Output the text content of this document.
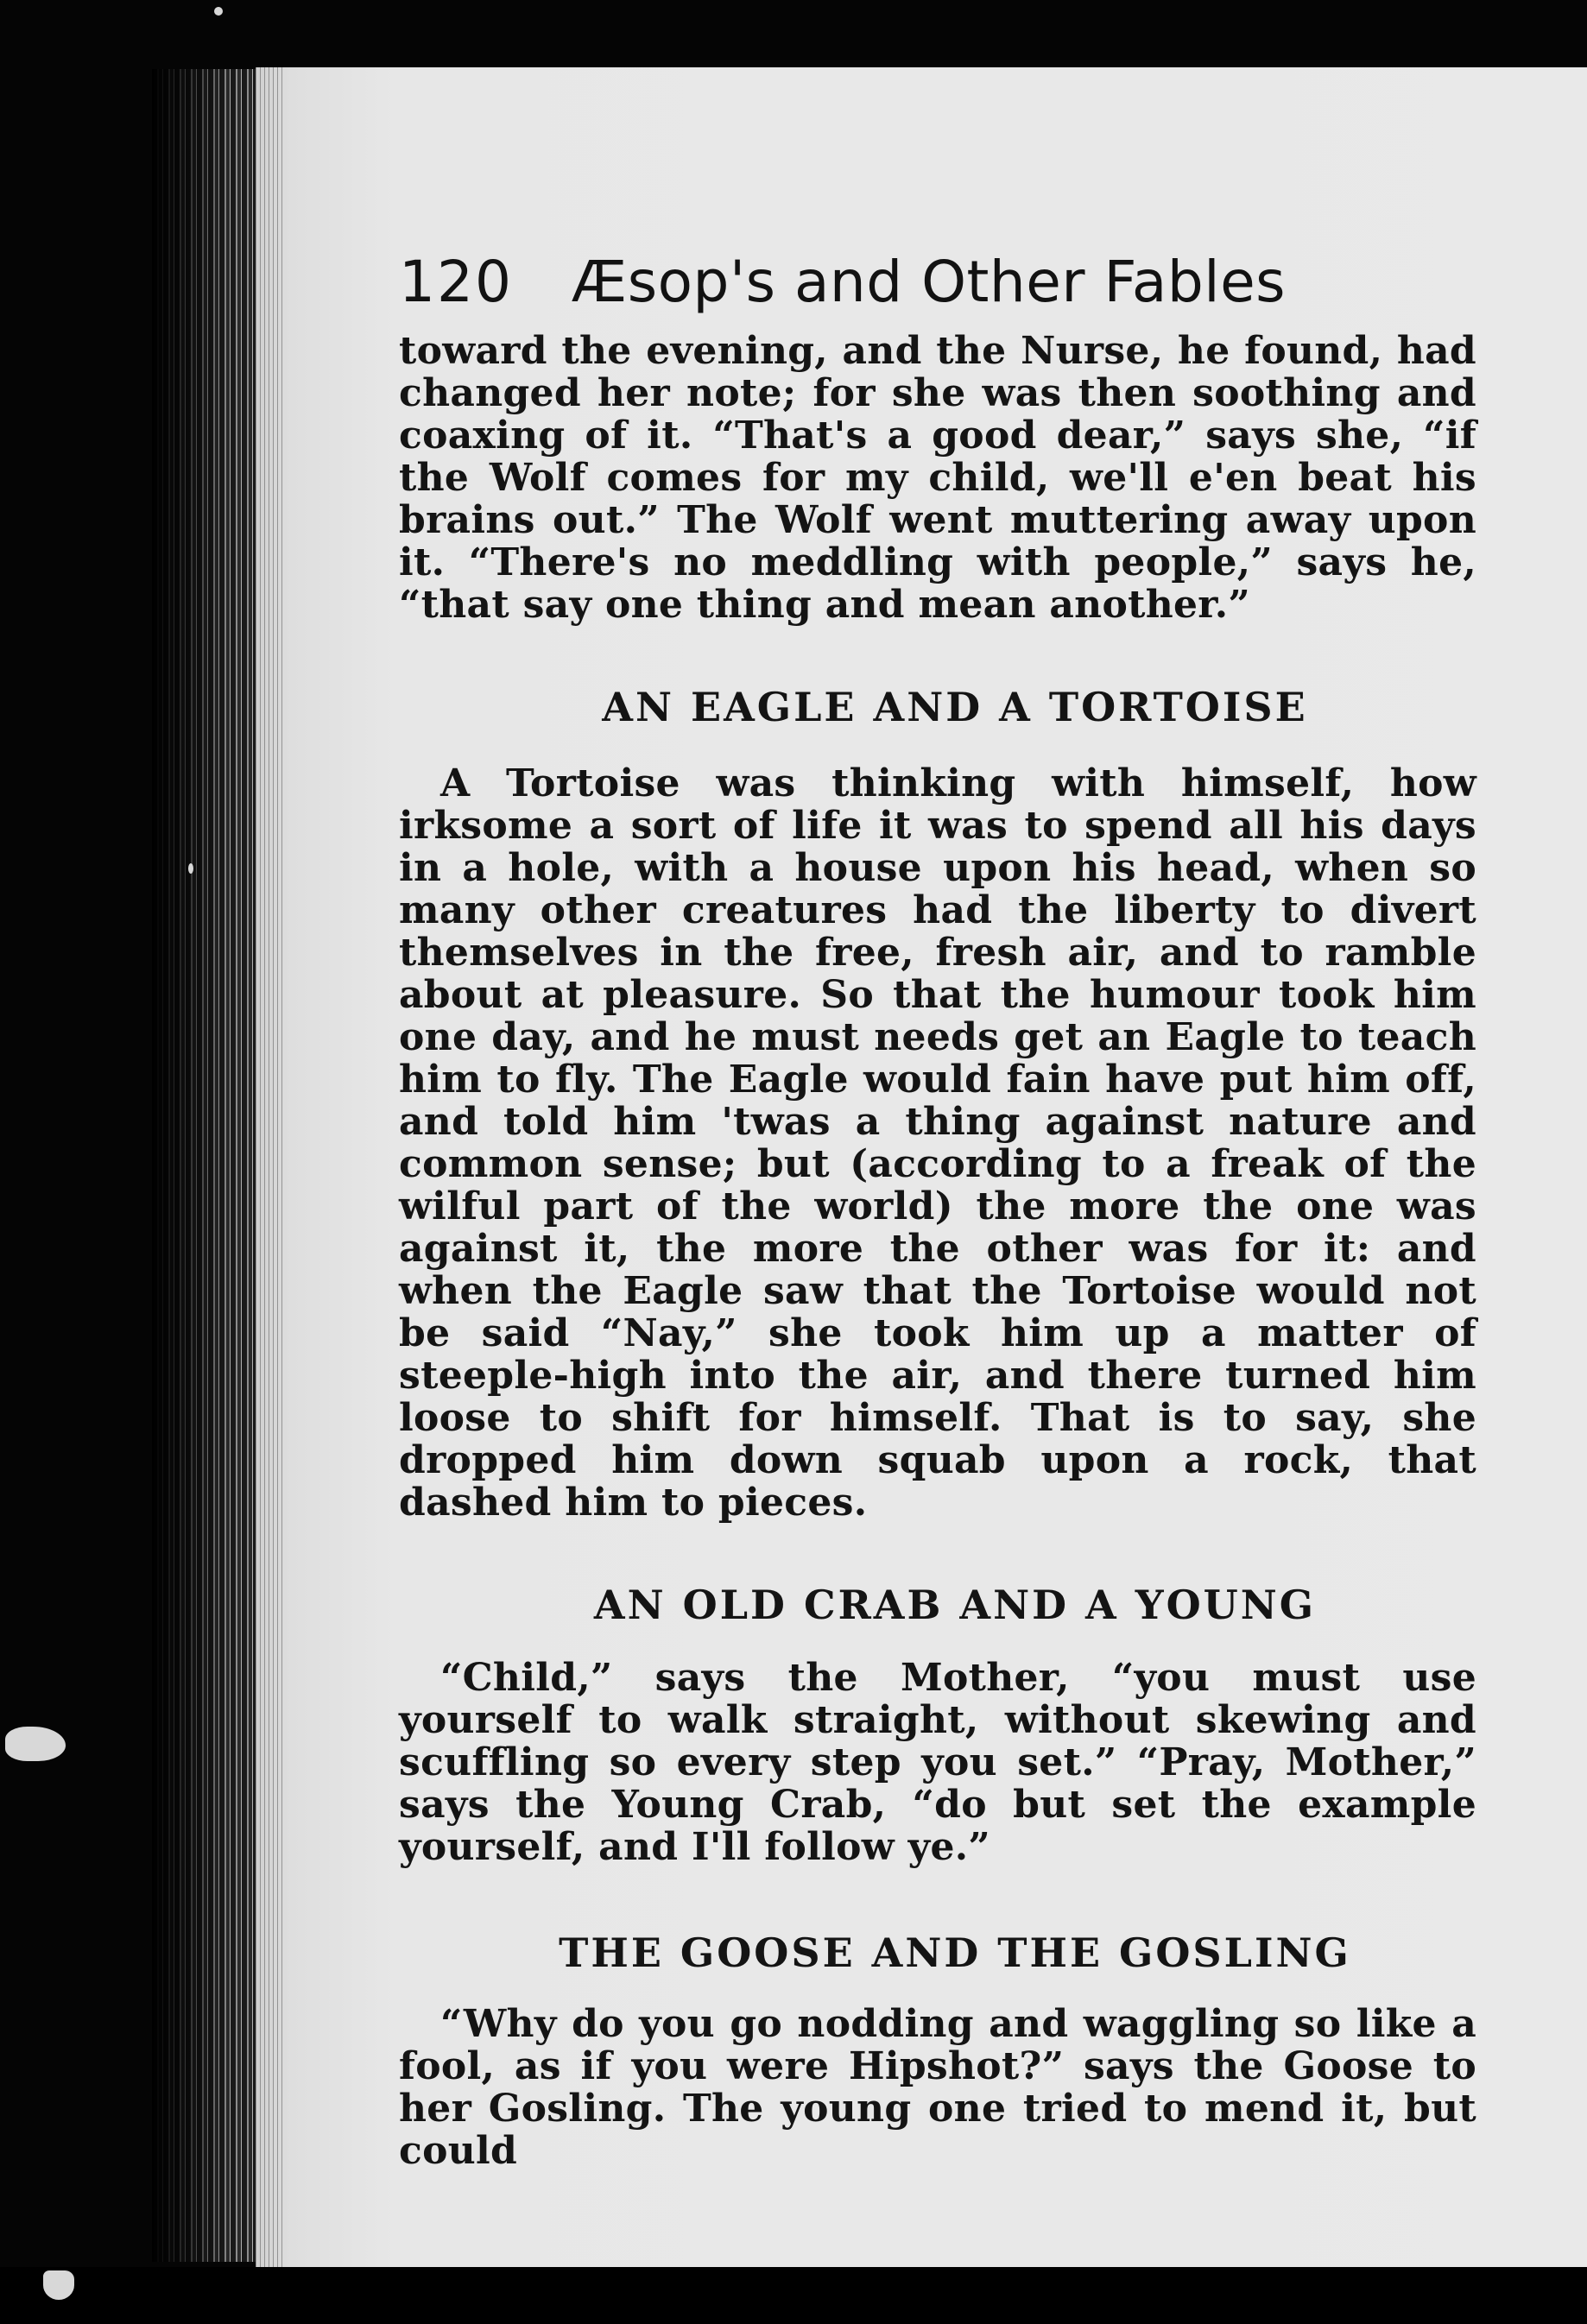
120 Æsop's and Other Fables

toward the evening, and the Nurse, he found, had changed her note; for she was then soothing and coaxing of it. “That's a good dear,” says she, “if the Wolf comes for my child, we'll e'en beat his brains out.” The Wolf went muttering away upon it. “There's no meddling with people,” says he, “that say one thing and mean another.”

AN EAGLE AND A TORTOISE

A Tortoise was thinking with himself, how irksome a sort of life it was to spend all his days in a hole, with a house upon his head, when so many other creatures had the liberty to divert themselves in the free, fresh air, and to ramble about at pleasure. So that the humour took him one day, and he must needs get an Eagle to teach him to fly. The Eagle would fain have put him off, and told him 'twas a thing against nature and common sense; but (according to a freak of the wilful part of the world) the more the one was against it, the more the other was for it: and when the Eagle saw that the Tortoise would not be said “Nay,” she took him up a matter of steeple-high into the air, and there turned him loose to shift for himself. That is to say, she dropped him down squab upon a rock, that dashed him to pieces.

AN OLD CRAB AND A YOUNG

“Child,” says the Mother, “you must use yourself to walk straight, without skewing and scuffling so every step you set.” “Pray, Mother,” says the Young Crab, “do but set the example yourself, and I'll follow ye.”

THE GOOSE AND THE GOSLING

“Why do you go nodding and waggling so like a fool, as if you were Hipshot?” says the Goose to her Gosling. The young one tried to mend it, but could
